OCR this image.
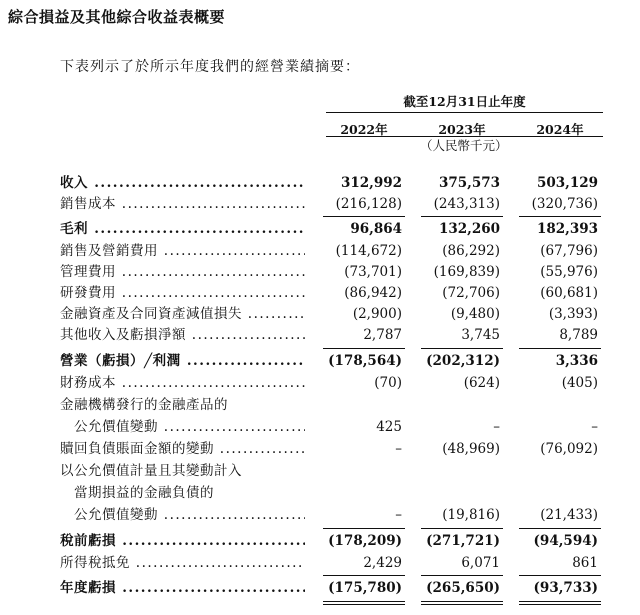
綜合損益及其他綜合收益表概要
下表列示了於所示年度我們的經營業績摘要：
截至12月31日止年度
2022年	2023年	2024年
（人民幣千元）
收入 .....	312,992	375,573	503,129
銷售成本 .....	(216,128)	(243,313)	(320,736)
毛利 .....	96,864	132,260	182,393
銷售及營銷費用 .....	(114,672)	(86,292)	(67,796)
管理費用 .....	(73,701)	(169,839)	(55,976)
研發費用 .....	(86,942)	(72,706)	(60,681)
金融資產及合同資產減值損失 .....	(2,900)	(9,480)	(3,393)
其他收入及虧損淨額 .....	2,787	3,745	8,789
營業（虧損）╱利潤 .....	(178,564)	(202,312)	3,336
財務成本 .....	(70)	(624)	(405)
金融機構發行的金融產品的
公允價值變動 .....	425	–	–
贖回負債賬面金額的變動 .....	–	(48,969)	(76,092)
以公允價值計量且其變動計入
當期損益的金融負債的
公允價值變動 .....	–	(19,816)	(21,433)
稅前虧損 .....	(178,209)	(271,721)	(94,594)
所得稅抵免 .....	2,429	6,071	861
年度虧損 .....	(175,780)	(265,650)	(93,733)
